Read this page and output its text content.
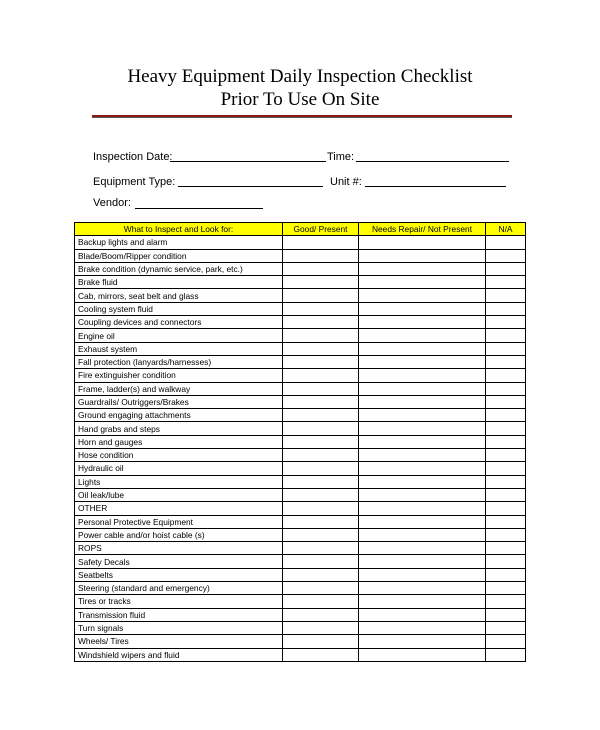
Heavy Equipment Daily Inspection Checklist
Prior To Use On Site
Inspection Date:	Time:
Equipment Type:	Unit #:
Vendor:
What to Inspect and Look for:	Good/ Present	Needs Repair/ Not Present	N/A
Backup lights and alarm			
Blade/Boom/Ripper condition			
Brake condition (dynamic service, park, etc.)			
Brake fluid			
Cab, mirrors, seat belt and glass			
Cooling system fluid			
Coupling devices and connectors			
Engine oil			
Exhaust system			
Fall protection (lanyards/harnesses)			
Fire extinguisher condition			
Frame, ladder(s) and walkway			
Guardrails/ Outriggers/Brakes			
Ground engaging attachments			
Hand grabs and steps			
Horn and gauges			
Hose condition			
Hydraulic oil			
Lights			
Oil leak/lube			
OTHER			
Personal Protective Equipment			
Power cable and/or hoist cable (s)			
ROPS			
Safety Decals			
Seatbelts			
Steering (standard and emergency)			
Tires or tracks			
Transmission fluid			
Turn signals			
Wheels/ Tires			
Windshield wipers and fluid			
